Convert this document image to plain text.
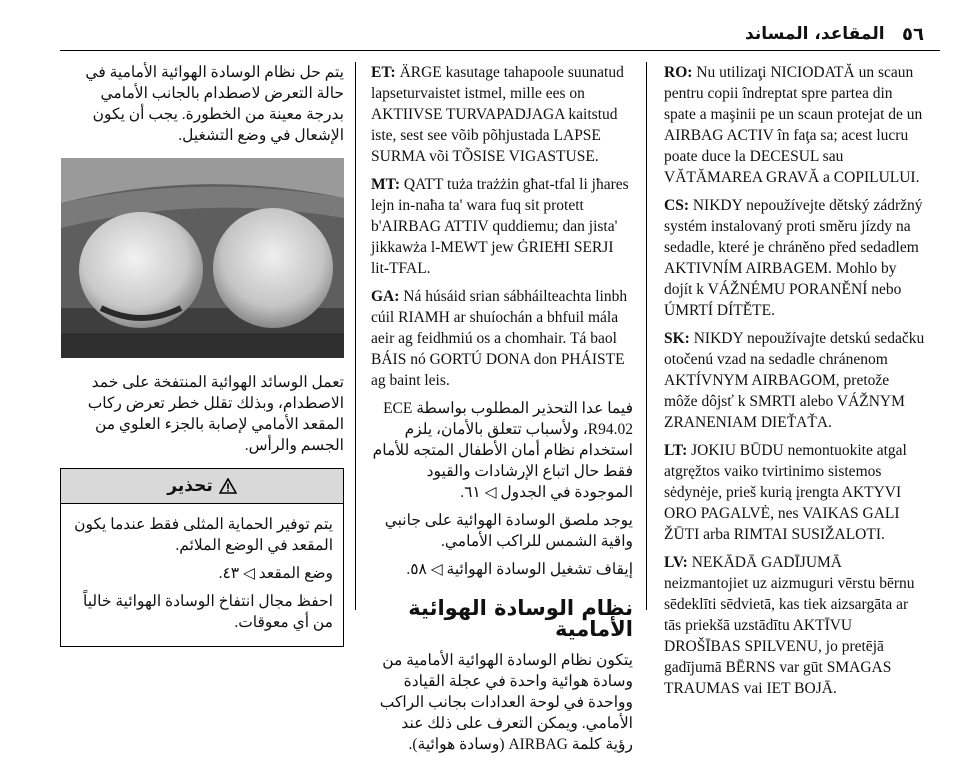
المقاعد، المساند ٥٦

يتم حل نظام الوسادة الهوائية الأمامية في حالة التعرض لاصطدام بالجانب الأمامي بدرجة معينة من الخطورة. يجب أن يكون الإشعال في وضع التشغيل.

تعمل الوسائد الهوائية المنتفخة على خمد الاصطدام، وبذلك تقلل خطر تعرض ركاب المقعد الأمامي لإصابة بالجزء العلوي من الجسم والرأس.

تحذير

يتم توفير الحماية المثلى فقط عندما يكون المقعد في الوضع الملائم.

وضع المقعد ◁ ٤٣.

احفظ مجال انتفاخ الوسادة الهوائية خالياً من أي معوقات.

ET: ÄRGE kasutage tahapoole suunatud lapseturvaistet istmel, mille ees on AKTIIVSE TURVAPADJAGA kaitstud iste, sest see võib põhjustada LAPSE SURMA või TÕSISE VIGASTUSE.

MT: QATT tuża trażżin għat-tfal li jħares lejn in-naħa ta' wara fuq sit protett b'AIRBAG ATTIV quddiemu; dan jista' jikkawża l-MEWT jew ĠRIEĦI SERJI lit-TFAL.

GA: Ná húsáid srian sábháilteachta linbh cúil RIAMH ar shuíochán a bhfuil mála aeir ag feidhmiú os a chomhair. Tá baol BÁIS nó GORTÚ DONA don PHÁISTE ag baint leis.

فيما عدا التحذير المطلوب بواسطة ECE R94.02، ولأسباب تتعلق بالأمان، يلزم استخدام نظام أمان الأطفال المتجه للأمام فقط حال اتباع الإرشادات والقيود الموجودة في الجدول ◁ ٦١.

يوجد ملصق الوسادة الهوائية على جانبي واقية الشمس للراكب الأمامي.

إيقاف تشغيل الوسادة الهوائية ◁ ٥٨.

نظام الوسادة الهوائية الأمامية

يتكون نظام الوسادة الهوائية الأمامية من وسادة هوائية واحدة في عجلة القيادة وواحدة في لوحة العدادات بجانب الراكب الأمامي. ويمكن التعرف على ذلك عند رؤية كلمة AIRBAG (وسادة هوائية).

RO: Nu utilizaţi NICIODATĂ un scaun pentru copii îndreptat spre partea din spate a maşinii pe un scaun protejat de un AIRBAG ACTIV în faţa sa; acest lucru poate duce la DECESUL sau VĂTĂMAREA GRAVĂ a COPILULUI.

CS: NIKDY nepoužívejte dětský zádržný systém instalovaný proti směru jízdy na sedadle, které je chráněno před sedadlem AKTIVNÍM AIRBAGEM. Mohlo by dojít k VÁŽNÉMU PORANĚNÍ nebo ÚMRTÍ DÍTĚTE.

SK: NIKDY nepoužívajte detskú sedačku otočenú vzad na sedadle chránenom AKTÍVNYM AIRBAGOM, pretože môže dôjsť k SMRTI alebo VÁŽNYM ZRANENIAM DIEŤAŤA.

LT: JOKIU BŪDU nemontuokite atgal atgręžtos vaiko tvirtinimo sistemos sėdynėje, prieš kurią įrengta AKTYVI ORO PAGALVĖ, nes VAIKAS GALI ŽŪTI arba RIMTAI SUSIŽALOTI.

LV: NEKĀDĀ GADĪJUMĀ neizmantojiet uz aizmuguri vērstu bērnu sēdeklīti sēdvietā, kas tiek aizsargāta ar tās priekšā uzstādītu AKTĪVU DROŠĪBAS SPILVENU, jo pretējā gadījumā BĒRNS var gūt SMAGAS TRAUMAS vai IET BOJĀ.
